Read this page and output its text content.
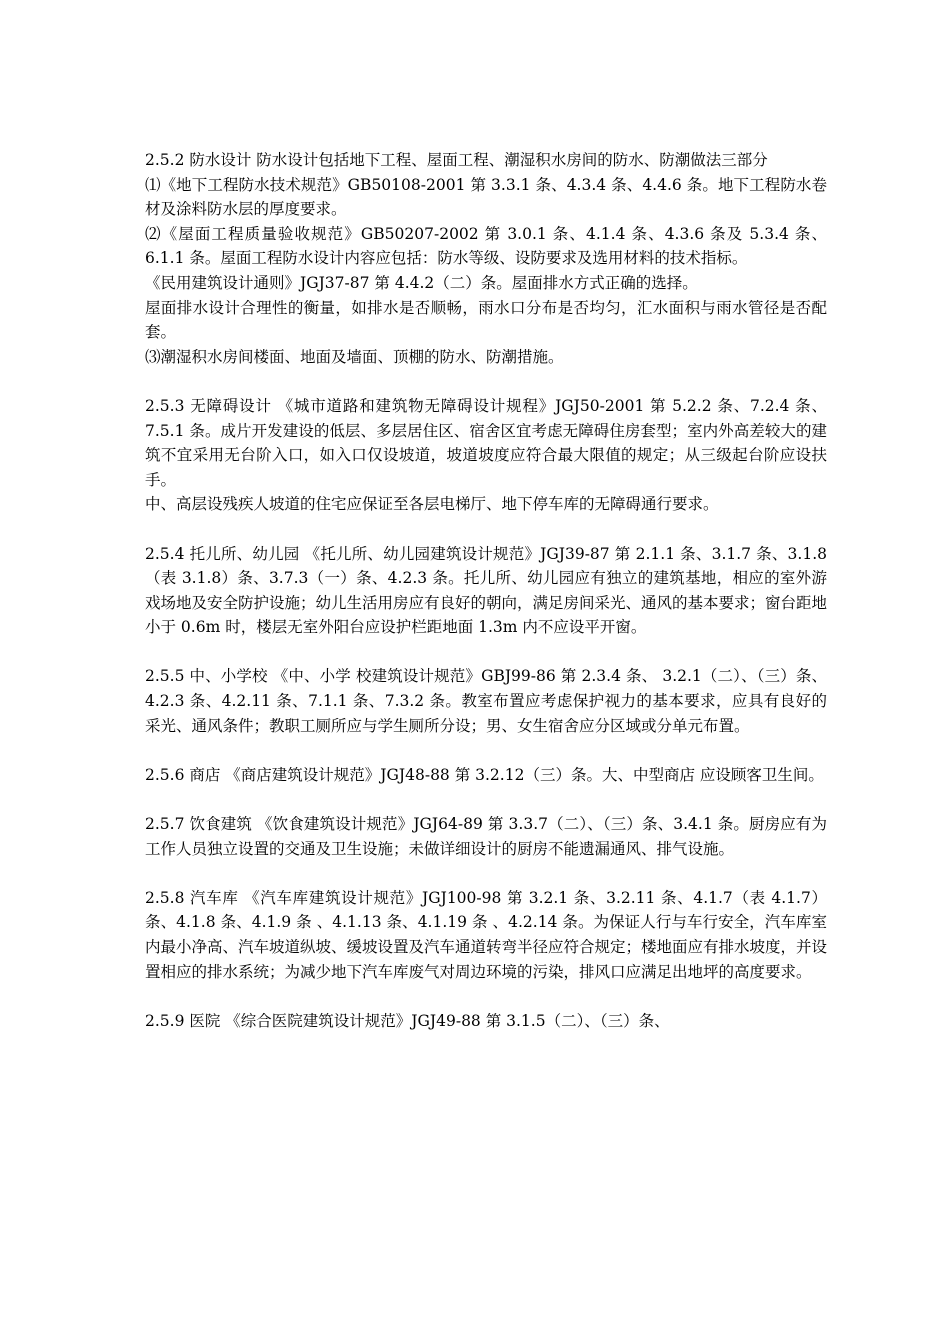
2.5.2 防水设计 防水设计包括地下工程、屋面工程、潮湿积水房间的防水、防潮做法三部分

⑴《地下工程防水技术规范》GB50108-2001 第 3.3.1 条、4.3.4 条、4.4.6 条。地下工程防水卷材及涂料防水层的厚度要求。

⑵《屋面工程质量验收规范》GB50207-2002 第 3.0.1 条、4.1.4 条、4.3.6 条及 5.3.4 条、6.1.1 条。屋面工程防水设计内容应包括：防水等级、设防要求及选用材料的技术指标。

《民用建筑设计通则》JGJ37-87 第 4.4.2（二）条。屋面排水方式正确的选择。

屋面排水设计合理性的衡量，如排水是否顺畅，雨水口分布是否均匀，汇水面积与雨水管径是否配套。

⑶潮湿积水房间楼面、地面及墙面、顶棚的防水、防潮措施。

2.5.3 无障碍设计 《城市道路和建筑物无障碍设计规程》JGJ50-2001 第 5.2.2 条、7.2.4 条、7.5.1 条。成片开发建设的低层、多层居住区、宿舍区宜考虑无障碍住房套型；室内外高差较大的建筑不宜采用无台阶入口，如入口仅设坡道，坡道坡度应符合最大限值的规定；从三级起台阶应设扶手。

中、高层设残疾人坡道的住宅应保证至各层电梯厅、地下停车库的无障碍通行要求。

2.5.4 托儿所、幼儿园 《托儿所、幼儿园建筑设计规范》JGJ39-87 第 2.1.1 条、3.1.7 条、3.1.8（表 3.1.8）条、3.7.3（一）条、4.2.3 条。托儿所、幼儿园应有独立的建筑基地，相应的室外游戏场地及安全防护设施；幼儿生活用房应有良好的朝向，满足房间采光、通风的基本要求；窗台距地小于 0.6m 时，楼层无室外阳台应设护栏距地面 1.3m 内不应设平开窗。

2.5.5 中、小学校 《中、小学 校建筑设计规范》GBJ99-86 第 2.3.4 条、 3.2.1（二）、（三）条、4.2.3 条、4.2.11 条、7.1.1 条、7.3.2 条。教室布置应考虑保护视力的基本要求，应具有良好的采光、通风条件；教职工厕所应与学生厕所分设；男、女生宿舍应分区域或分单元布置。

2.5.6 商店 《商店建筑设计规范》JGJ48-88 第 3.2.12（三）条。大、中型商店 应设顾客卫生间。

2.5.7 饮食建筑 《饮食建筑设计规范》JGJ64-89 第 3.3.7（二）、（三）条、3.4.1 条。厨房应有为工作人员独立设置的交通及卫生设施；未做详细设计的厨房不能遗漏通风、排气设施。

2.5.8 汽车库 《汽车库建筑设计规范》JGJ100-98 第 3.2.1 条、3.2.11 条、4.1.7（表 4.1.7）条、4.1.8 条、4.1.9 条 、4.1.13 条、4.1.19 条 、4.2.14 条。为保证人行与车行安全，汽车库室内最小净高、汽车坡道纵坡、缓坡设置及汽车通道转弯半径应符合规定；楼地面应有排水坡度，并设置相应的排水系统；为减少地下汽车库废气对周边环境的污染，排风口应满足出地坪的高度要求。

2.5.9 医院 《综合医院建筑设计规范》JGJ49-88 第 3.1.5（二）、（三）条、
